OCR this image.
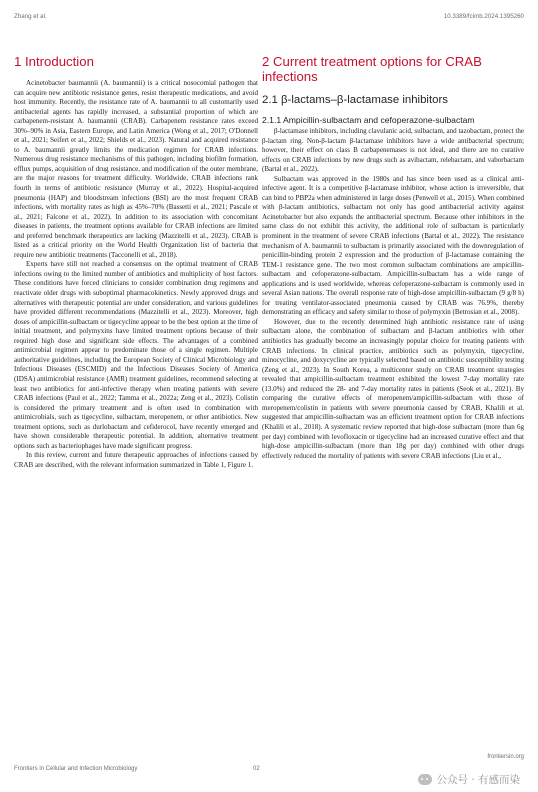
Zhang et al.	10.3389/fcimb.2024.1395260
1 Introduction

Acinetobacter baumannii (A. baumannii) is a critical nosocomial pathogen that can acquire new antibiotic resistance genes, resist therapeutic medications, and avoid host immunity. Recently, the resistance rate of A. baumannii to all customarily used antibacterial agents has rapidly increased, a substantial proportion of which are carbapenem-resistant A. baumannii (CRAB). Carbapenem resistance rates exceed 30%–90% in Asia, Eastern Europe, and Latin America (Wong et al., 2017; O'Donnell et al., 2021; Seifert et al., 2022; Shields et al., 2023). Natural and acquired resistance to A. baumannii greatly limits the medication regimen for CRAB infections. Numerous drug resistance mechanisms of this pathogen, including biofilm formation, efflux pumps, acquisition of drug resistance, and modification of the outer membrane, are the major reasons for treatment difficulty. Worldwide, CRAB infections rank fourth in terms of antibiotic resistance (Murray et al., 2022). Hospital-acquired pneumonia (HAP) and bloodstream infections (BSI) are the most frequent CRAB infections, with mortality rates as high as 45%–70% (Bassetti et al., 2021; Pascale et al., 2021; Falcone et al., 2022). In addition to its association with concomitant diseases in patients, the treatment options available for CRAB infections are limited and preferred benchmark therapeutics are lacking (Mazzitelli et al., 2023). CRAB is listed as a critical priority on the World Health Organization list of bacteria that require new antibiotic treatments (Tacconelli et al., 2018).

Experts have still not reached a consensus on the optimal treatment of CRAB infections owing to the limited number of antibiotics and multiplicity of host factors. These conditions have forced clinicians to consider combination drug regimens and reactivate older drugs with suboptimal pharmacokinetics. Newly approved drugs and alternatives with therapeutic potential are under consideration, and various guidelines have provided different recommendations (Mazzitelli et al., 2023). Moreover, high doses of ampicillin-sulbactam or tigecycline appear to be the best option at the time of initial treatment, and polymyxins have limited treatment options because of their required high dose and significant side effects. The advantages of a combined antimicrobial regimen appear to predominate those of a single regimen. Multiple authoritative guidelines, including the European Society of Clinical Microbiology and Infectious Diseases (ESCMID) and the Infectious Diseases Society of America (IDSA) antimicrobial resistance (AMR) treatment guidelines, recommend selecting at least two antibiotics for anti-infective therapy when treating patients with severe CRAB infections (Paul et al., 2022; Tamma et al., 2022a; Zeng et al., 2023). Colistin is considered the primary treatment and is often used in combination with antimicrobials, such as tigecycline, sulbactam, meropenem, or other antibiotics. New treatment options, such as durlobactam and cefiderocol, have recently emerged and have shown considerable therapeutic potential. In addition, alternative treatment options such as bacteriophages have made significant progress.

In this review, current and future therapeutic approaches of infections caused by CRAB are described, with the relevant information summarized in Table 1, Figure 1.

2 Current treatment options for CRAB infections
2.1 β-lactams–β-lactamase inhibitors
2.1.1 Ampicillin-sulbactam and cefoperazone-sulbactam

β-lactamase inhibitors, including clavulanic acid, sulbactam, and tazobactam, protect the β-lactam ring. Non-β-lactam β-lactamase inhibitors have a wide antibacterial spectrum; however, their effect on class B carbapenemases is not ideal, and there are no curative effects on CRAB infections by new drugs such as avibactam, relebactam, and vaborbactam (Bartal et al., 2022).

Sulbactam was approved in the 1980s and has since been used as a clinical anti-infective agent. It is a competitive β-lactamase inhibitor, whose action is irreversible, that can bind to PBP2a when administered in large doses (Penwell et al., 2015). When combined with β-lactam antibiotics, sulbactam not only has good antibacterial activity against Acinetobacter but also expands the antibacterial spectrum. Because other inhibitors in the same class do not exhibit this activity, the additional role of sulbactam is particularly prominent in the treatment of severe CRAB infections (Bartal et al., 2022). The resistance mechanism of A. baumannii to sulbactam is primarily associated with the downregulation of penicillin-binding protein 2 expression and the production of β-lactamase containing the TEM-1 resistance gene. The two most common sulbactam combinations are ampicillin-sulbactam and cefoperazone-sulbactam. Ampicillin-sulbactam has a wide range of applications and is used worldwide, whereas cefoperazone-sulbactam is commonly used in several Asian nations. The overall response rate of high-dose ampicillin-sulbactam (9 g/8 h) for treating ventilator-associated pneumonia caused by CRAB was 76.9%, thereby demonstrating an efficacy and safety similar to those of polymyxin (Betrosian et al., 2008).

However, due to the recently determined high antibiotic resistance rate of using sulbactam alone, the combination of sulbactam and β-lactam antibiotics with other antibiotics has gradually become an increasingly popular choice for treating patients with CRAB infections. In clinical practice, antibiotics such as polymyxin, tigecycline, minocycline, and doxycycline are typically selected based on antibiotic susceptibility testing (Zeng et al., 2023). In South Korea, a multicenter study on CRAB treatment strategies revealed that ampicillin-sulbactam treatment exhibited the lowest 7-day mortality rate (13.0%) and reduced the 28- and 7-day mortality rates in patients (Seok et al., 2021). By comparing the curative effects of meropenem/ampicillin-sulbactam with those of meropenem/colistin in patients with severe pneumonia caused by CRAB, Khalili et al. suggested that ampicillin-sulbactam was an efficient treatment option for CRAB infections (Khalili et al., 2018). A systematic review reported that high-dose sulbactam (more than 6g per day) combined with levofloxacin or tigecycline had an increased curative effect and that high-dose ampicillin-sulbactam (more than 18g per day) combined with other drugs effectively reduced the mortality of patients with severe CRAB infections (Liu et al.,

Frontiers in Cellular and Infection Microbiology	02
frontiersin.org
公众号 · 有感而染
